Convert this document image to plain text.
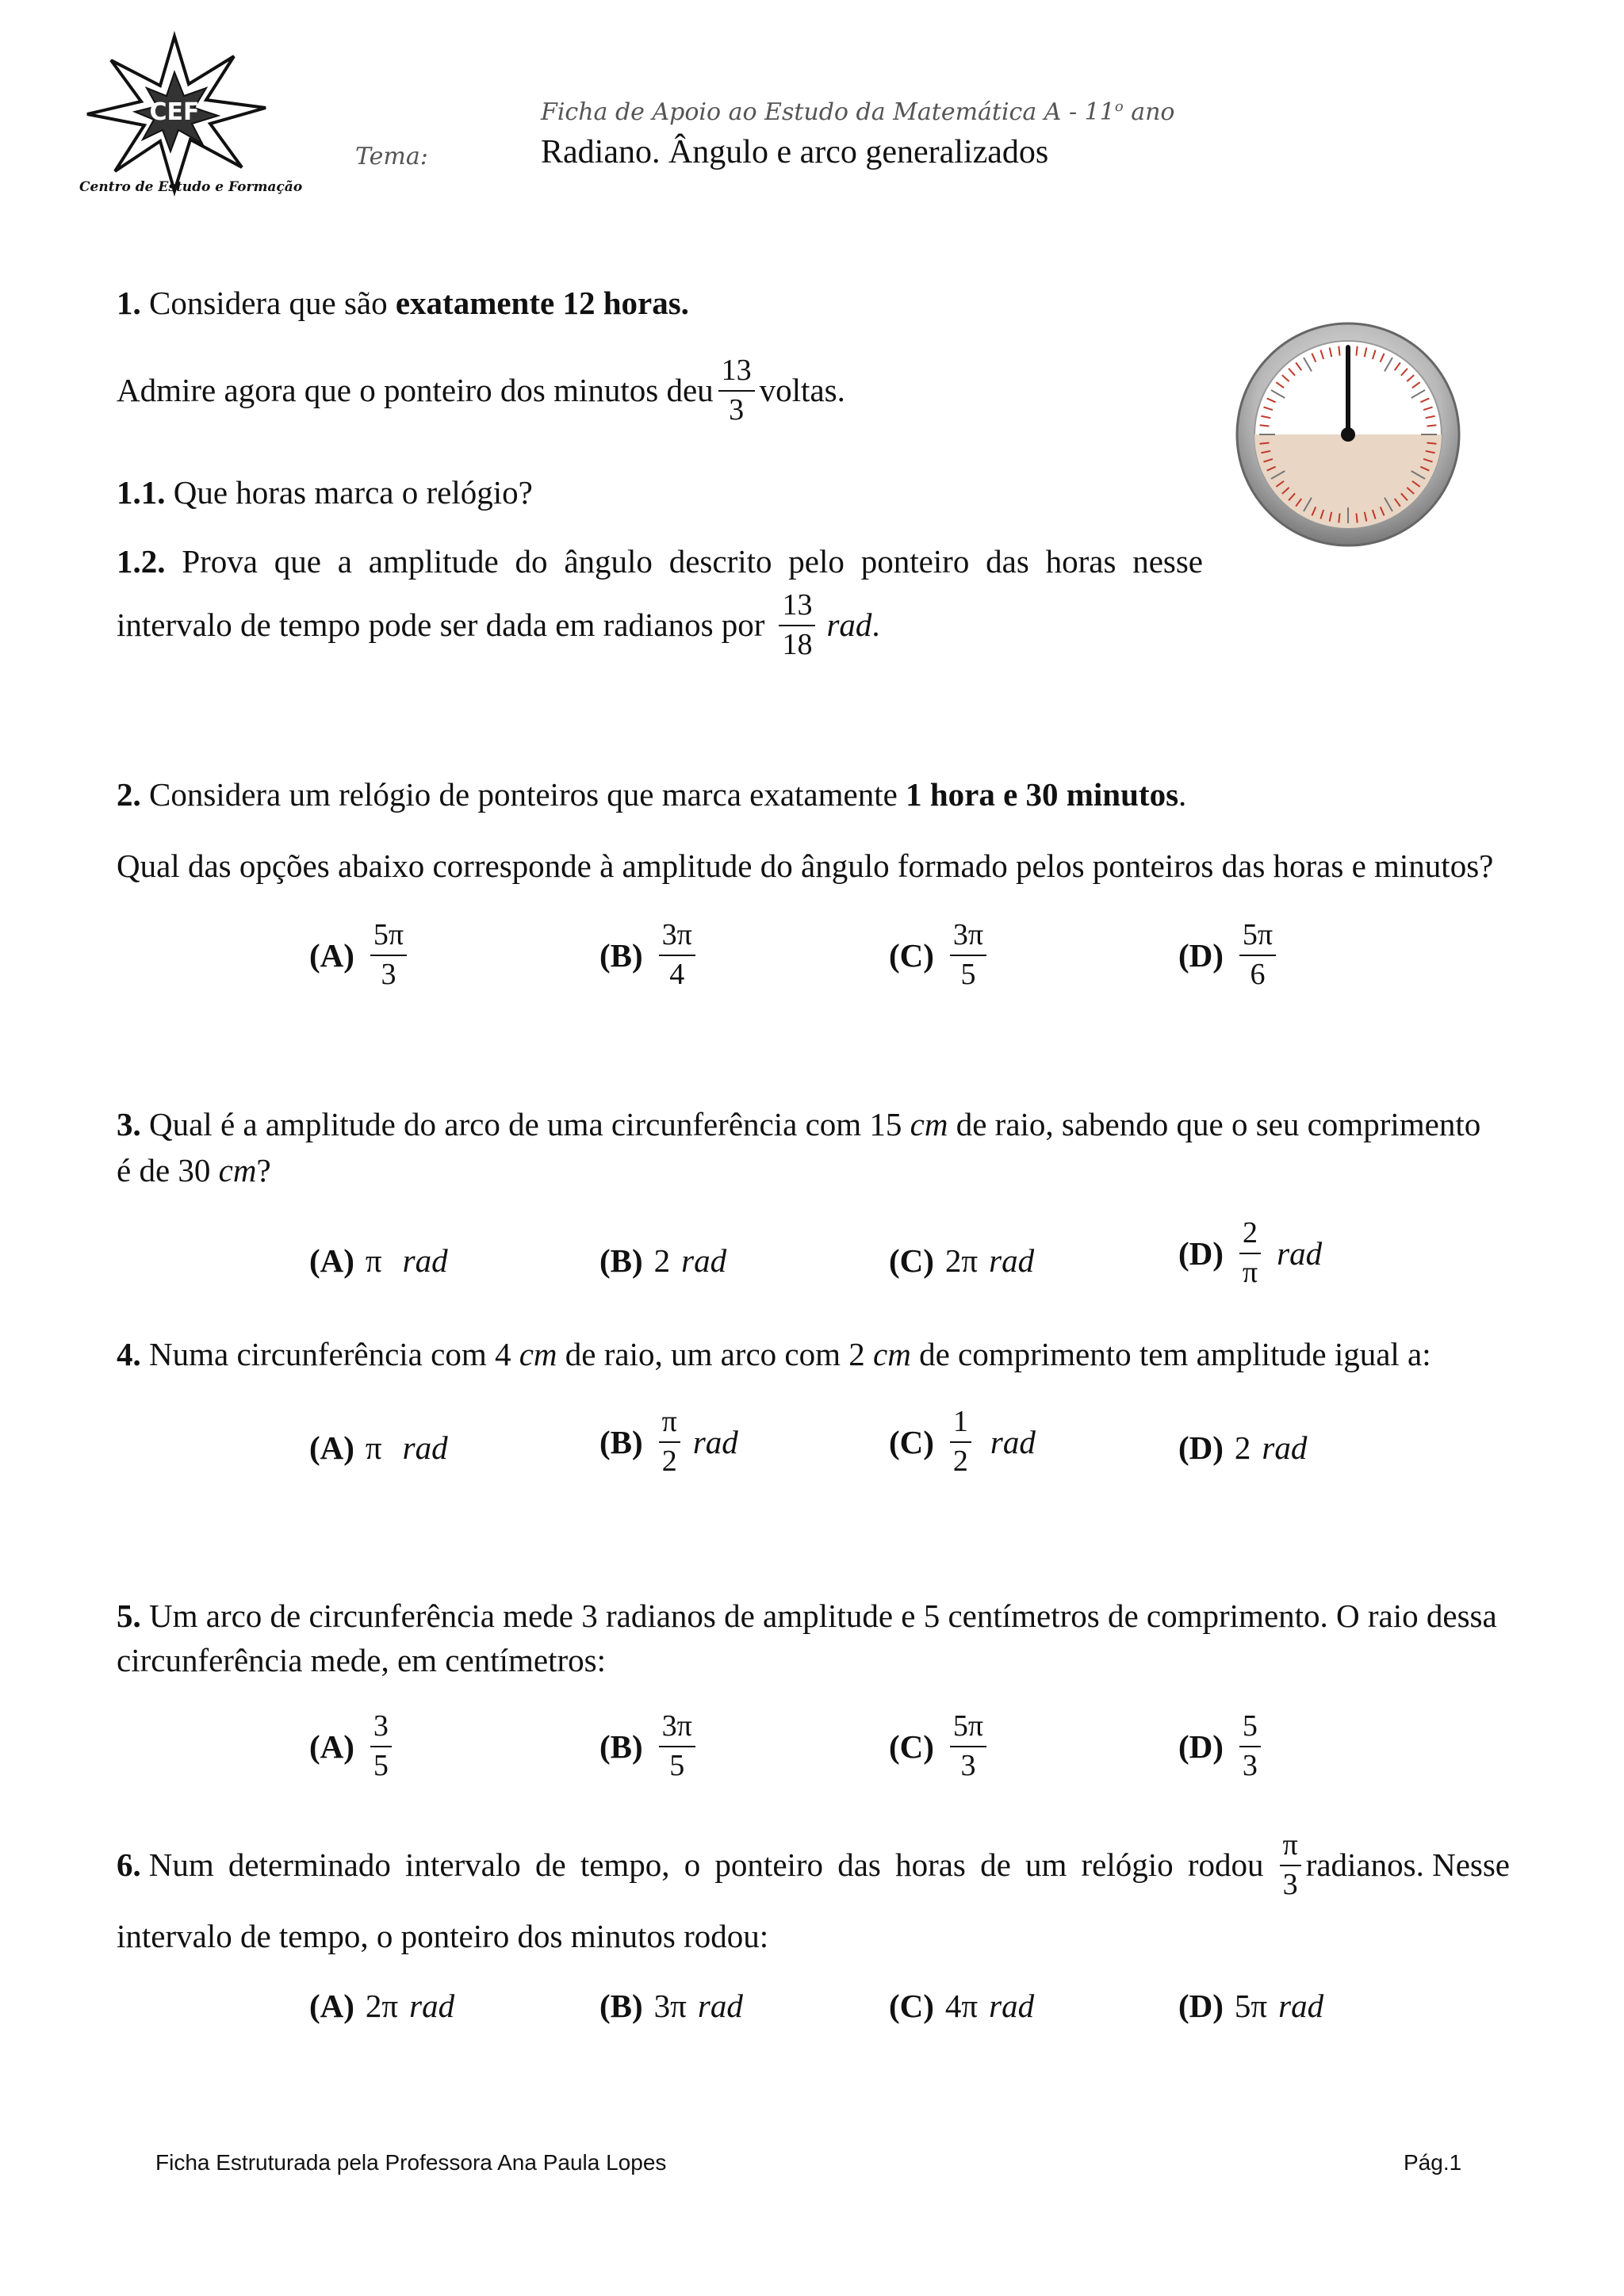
CEF
Centro de Estudo e Formação
Ficha de Apoio ao Estudo da Matemática A - 11$^o$ ano
Tema:	Radiano. Ângulo e arco generalizados
1. Considera que são exatamente 12 horas.
Admire agora que o ponteiro dos minutos deu $\frac{13}{3}$ voltas.
1.1. Que horas marca o relógio?
1.2. Prova que a amplitude do ângulo descrito pelo ponteiro das horas nesse
intervalo de tempo pode ser dada em radianos por $\frac{13}{18}$ rad .
2. Considera um relógio de ponteiros que marca exatamente 1 hora e 30 minutos.
Qual das opções abaixo corresponde à amplitude do ângulo formado pelos ponteiros das horas e minutos?
$(A) \frac{5\pi}{3}$	$(B) \frac{3\pi}{4}$	$(C) \frac{3\pi}{5}$	$(D) \frac{5\pi}{6}$
3. Qual é a amplitude do arco de uma circunferência com 15 cm de raio, sabendo que o seu comprimento
é de 30 cm?
(A) π rad	(B) 2 rad	(C) 2π rad	$(D) \frac{2}{\pi}$ rad
4. Numa circunferência com 4 cm de raio, um arco com 2 cm de comprimento tem amplitude igual a:
(A) π rad	$(B) \frac{\pi}{2}$ rad	$(C) \frac{1}{2}$ rad	(D) 2 rad
5. Um arco de circunferência mede 3 radianos de amplitude e 5 centímetros de comprimento. O raio dessa
circunferência mede, em centímetros:
$(A) \frac{3}{5}$	$(B) \frac{3\pi}{5}$	$(C) \frac{5\pi}{3}$	$(D) \frac{5}{3}$
6. Num determinado intervalo de tempo, o ponteiro das horas de um relógio rodou $\frac{\pi}{3}$ radianos. Nesse
intervalo de tempo, o ponteiro dos minutos rodou:
(A) 2π rad	(B) 3π rad	(C) 4π rad	(D) 5π rad
Ficha Estruturada pela Professora Ana Paula Lopes	Pág.1
